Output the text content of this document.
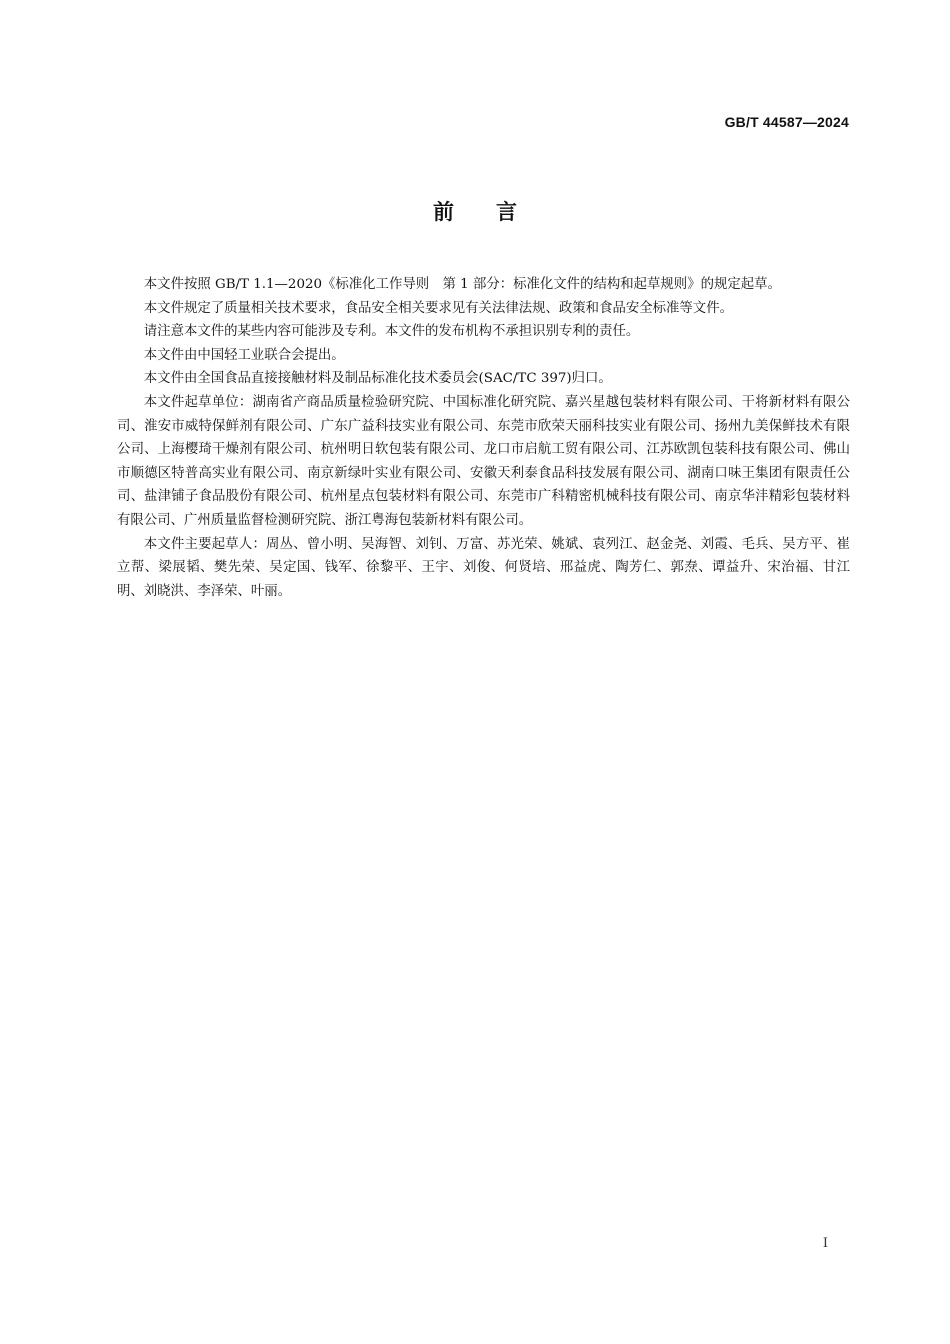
GB/T 44587—2024
前 言

本文件按照 GB/T 1.1—2020《标准化工作导则　第 1 部分：标准化文件的结构和起草规则》的规定起草。

本文件规定了质量相关技术要求，食品安全相关要求见有关法律法规、政策和食品安全标准等文件。

请注意本文件的某些内容可能涉及专利。本文件的发布机构不承担识别专利的责任。

本文件由中国轻工业联合会提出。

本文件由全国食品直接接触材料及制品标准化技术委员会(SAC/TC 397)归口。

本文件起草单位：湖南省产商品质量检验研究院、中国标准化研究院、嘉兴星越包装材料有限公司、干将新材料有限公司、淮安市威特保鲜剂有限公司、广东广益科技实业有限公司、东莞市欣荣天丽科技实业有限公司、扬州九美保鲜技术有限公司、上海樱琦干燥剂有限公司、杭州明日软包装有限公司、龙口市启航工贸有限公司、江苏欧凯包装科技有限公司、佛山市顺德区特普高实业有限公司、南京新绿叶实业有限公司、安徽天利泰食品科技发展有限公司、湖南口味王集团有限责任公司、盐津铺子食品股份有限公司、杭州星点包装材料有限公司、东莞市广科精密机械科技有限公司、南京华沣精彩包装材料有限公司、广州质量监督检测研究院、浙江粤海包装新材料有限公司。

本文件主要起草人：周丛、曾小明、吴海智、刘钊、万富、苏光荣、姚斌、袁列江、赵金尧、刘霞、毛兵、吴方平、崔立帮、梁展韬、樊先荣、吴定国、钱军、徐黎平、王宇、刘俊、何贤培、邢益虎、陶芳仁、郭焘、谭益升、宋治福、甘江明、刘晓洪、李泽荣、叶丽。

I
